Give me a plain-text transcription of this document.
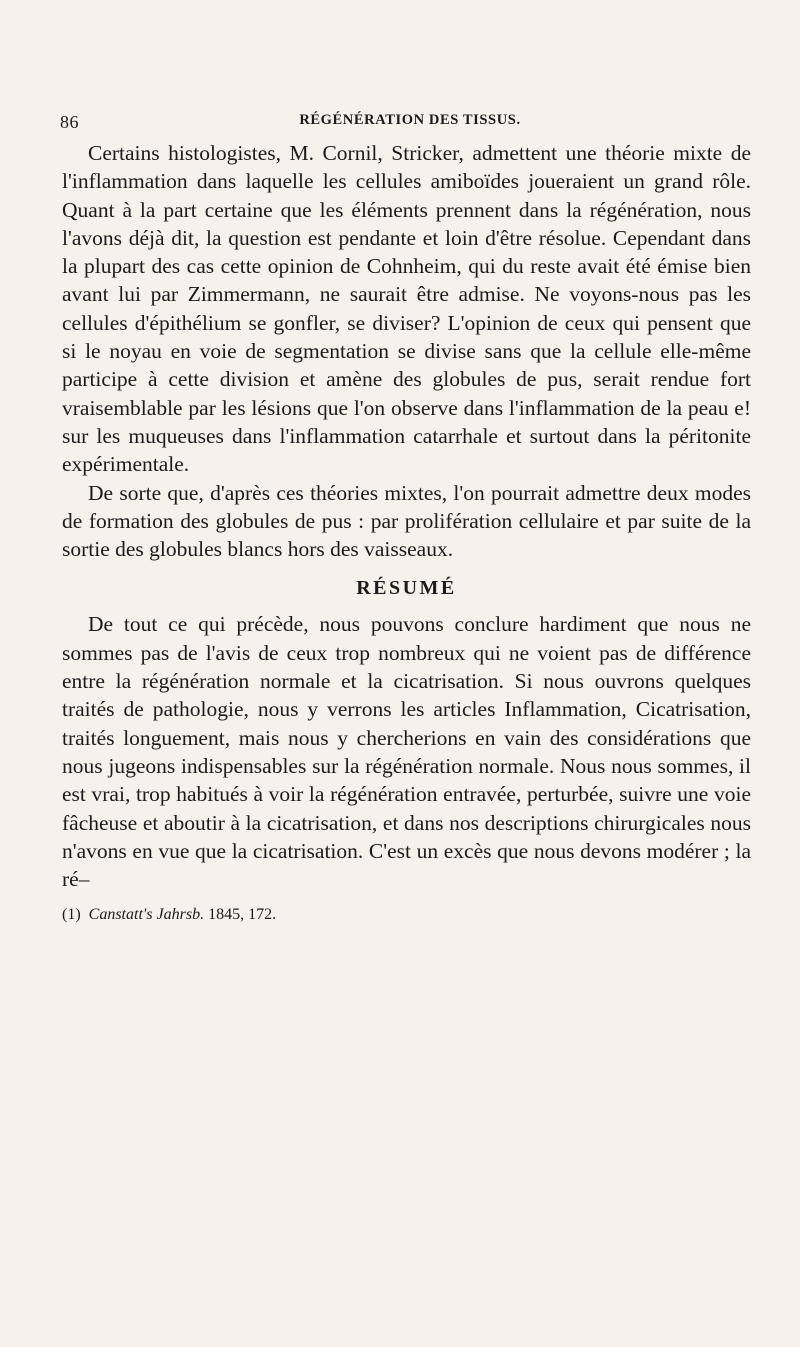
86	RÉGÉNÉRATION DES TISSUS.

Certains histologistes, M. Cornil, Stricker, admettent une théorie mixte de l'inflammation dans laquelle les cellules amiboïdes joueraient un grand rôle. Quant à la part certaine que les éléments prennent dans la régénération, nous l'avons déjà dit, la question est pendante et loin d'être résolue. Cependant dans la plupart des cas cette opinion de Cohnheim, qui du reste avait été émise bien avant lui par Zimmermann, ne saurait être admise. Ne voyons-nous pas les cellules d'épithélium se gonfler, se diviser? L'opinion de ceux qui pensent que si le noyau en voie de segmentation se divise sans que la cellule elle-même participe à cette division et amène des globules de pus, serait rendue fort vraisemblable par les lésions que l'on observe dans l'inflammation de la peau e! sur les muqueuses dans l'inflammation catarrhale et surtout dans la péritonite expérimentale.

De sorte que, d'après ces théories mixtes, l'on pourrait admettre deux modes de formation des globules de pus : par prolifération cellulaire et par suite de la sortie des globules blancs hors des vaisseaux.

RÉSUMÉ

De tout ce qui précède, nous pouvons conclure hardiment que nous ne sommes pas de l'avis de ceux trop nombreux qui ne voient pas de différence entre la régénération normale et la cicatrisation. Si nous ouvrons quelques traités de pathologie, nous y verrons les articles Inflammation, Cicatrisation, traités longuement, mais nous y chercherions en vain des considérations que nous jugeons indispensables sur la régénération normale. Nous nous sommes, il est vrai, trop habitués à voir la régénération entravée, perturbée, suivre une voie fâcheuse et aboutir à la cicatrisation, et dans nos descriptions chirurgicales nous n'avons en vue que la cicatrisation. C'est un excès que nous devons modérer ; la ré–

(1) Canstatt's Jahrsb. 1845, 172.
